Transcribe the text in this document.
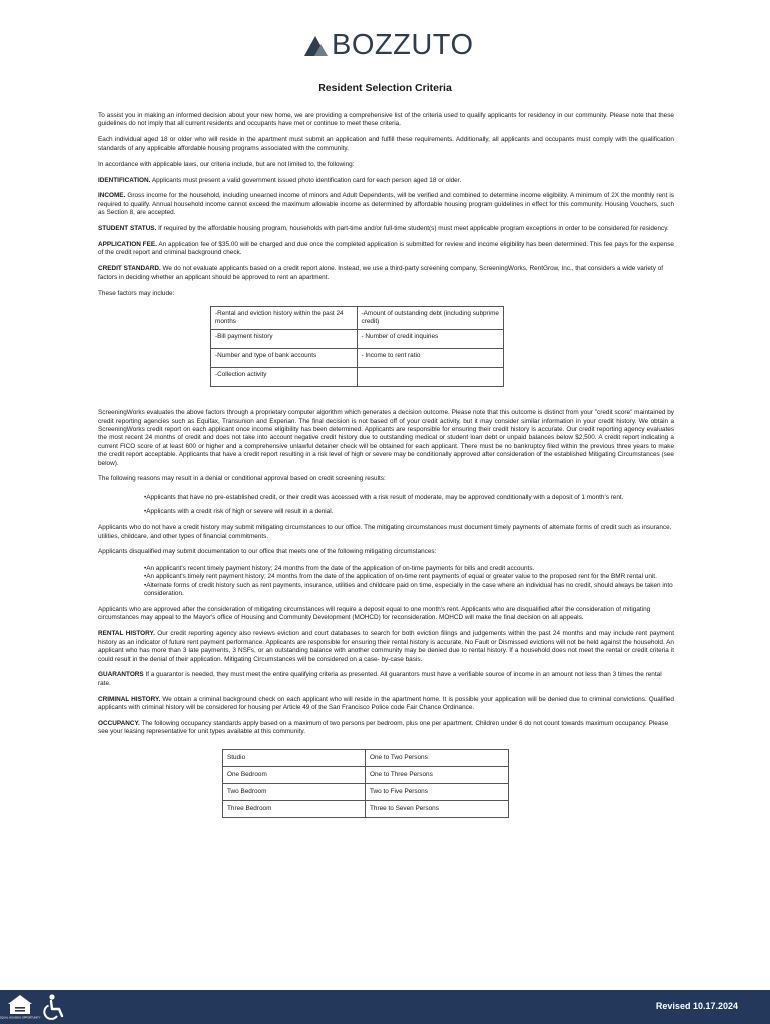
BOZZUTO
Resident Selection Criteria

To assist you in making an informed decision about your new home, we are providing a comprehensive list of the criteria used to qualify applicants for residency in our community. Please note that these guidelines do not imply that all current residents and occupants have met or continue to meet these criteria.

Each individual aged 18 or older who will reside in the apartment must submit an application and fulfill these requirements. Additionally, all applicants and occupants must comply with the qualification standards of any applicable affordable housing programs associated with the community.

In accordance with applicable laws, our criteria include, but are not limited to, the following:

IDENTIFICATION. Applicants must present a valid government issued photo identification card for each person aged 18 or older.

INCOME. Gross income for the household, including unearned income of minors and Adult Dependents, will be verified and combined to determine income eligibility. A minimum of 2X the monthly rent is required to qualify. Annual household income cannot exceed the maximum allowable income as determined by affordable housing program guidelines in effect for this community. Housing Vouchers, such as Section 8, are accepted.

STUDENT STATUS. If required by the affordable housing program, households with part-time and/or full-time student(s) must meet applicable program exceptions in order to be considered for residency.

APPLICATION FEE. An application fee of $35.00 will be charged and due once the completed application is submitted for review and income eligibility has been determined. This fee pays for the expense of the credit report and criminal background check.

CREDIT STANDARD. We do not evaluate applicants based on a credit report alone. Instead, we use a third-party screening company, ScreeningWorks, RentGrow, Inc., that considers a wide variety of factors in deciding whether an applicant should be approved to rent an apartment.

These factors may include:

-Rental and eviction history within the past 24 months	-Amount of outstanding debt (including subprime credit)
-Bill payment history	- Number of credit inquiries
-Number and type of bank accounts	- Income to rent ratio
-Collection activity	

ScreeningWorks evaluates the above factors through a proprietary computer algorithm which generates a decision outcome. Please note that this outcome is distinct from your "credit score" maintained by credit reporting agencies such as Equifax, Transunion and Experian. The final decision is not based off of your credit activity, but it may consider similar information in your credit history. We obtain a ScreeningWorks credit report on each applicant once income eligibility has been determined. Applicants are responsible for ensuring their credit history is accurate. Our credit reporting agency evaluates the most recent 24 months of credit and does not take into account negative credit history due to outstanding medical or student loan debt or unpaid balances below $2,500. A credit report indicating a current FICO score of at least 600 or higher and a comprehensive unlawful detainer check will be obtained for each applicant. There must be no bankruptcy filed within the previous three years to make the credit report acceptable. Applicants that have a credit report resulting in a risk level of high or severe may be conditionally approved after consideration of the established Mitigating Circumstances (see below).

The following reasons may result in a denial or conditional approval based on credit screening results:

•Applicants that have no pre-established credit, or their credit was accessed with a risk result of moderate, may be approved conditionally with a deposit of 1 month's rent.
•Applicants with a credit risk of high or severe will result in a denial.

Applicants who do not have a credit history may submit mitigating circumstances to our office. The mitigating circumstances must document timely payments of alternate forms of credit such as insurance, utilities, childcare, and other types of financial commitments.

Applicants disqualified may submit documentation to our office that meets one of the following mitigating circumstances:

•An applicant's recent timely payment history; 24 months from the date of the application of on-time payments for bills and credit accounts.
•An applicant's timely rent payment history; 24 months from the date of the application of on-time rent payments of equal or greater value to the proposed rent for the BMR rental unit.
•Alternate forms of credit history such as rent payments, insurance, utilities and childcare paid on time, especially in the case where an individual has no credit, should always be taken into consideration.

Applicants who are approved after the consideration of mitigating circumstances will require a deposit equal to one month's rent. Applicants who are disqualified after the consideration of mitigating circumstances may appeal to the Mayor's office of Housing and Community Development (MOHCD) for reconsideration. MOHCD will make the final decision on all appeals.

RENTAL HISTORY. Our credit reporting agency also reviews eviction and court databases to search for both eviction filings and judgements within the past 24 months and may include rent payment history as an indicator of future rent payment performance. Applicants are responsible for ensuring their rental history is accurate. No Fault or Dismissed evictions will not be held against the household. An applicant who has more than 3 late payments, 3 NSFs, or an outstanding balance with another community may be denied due to rental history. If a household does not meet the rental or credit criteria it could result in the denial of their application. Mitigating Circumstances will be considered on a case- by-case basis.

GUARANTORS If a guarantor is needed, they must meet the entire qualifying criteria as presented. All guarantors must have a verifiable source of income in an amount not less than 3 times the rental rate.

CRIMINAL HISTORY. We obtain a criminal background check on each applicant who will reside in the apartment home. It is possible your application will be denied due to criminal convictions. Qualified applicants with criminal history will be considered for housing per Article 49 of the San Francisco Police code Fair Chance Ordinance.

OCCUPANCY. The following occupancy standards apply based on a maximum of two persons per bedroom, plus one per apartment. Children under 6 do not count towards maximum occupancy. Please see your leasing representative for unit types available at this community.

Studio	One to Two Persons
One Bedroom	One to Three Persons
Two Bedroom	Two to Five Persons
Three Bedroom	Three to Seven Persons
EQUAL HOUSING OPPORTUNITY
Revised 10.17.2024
